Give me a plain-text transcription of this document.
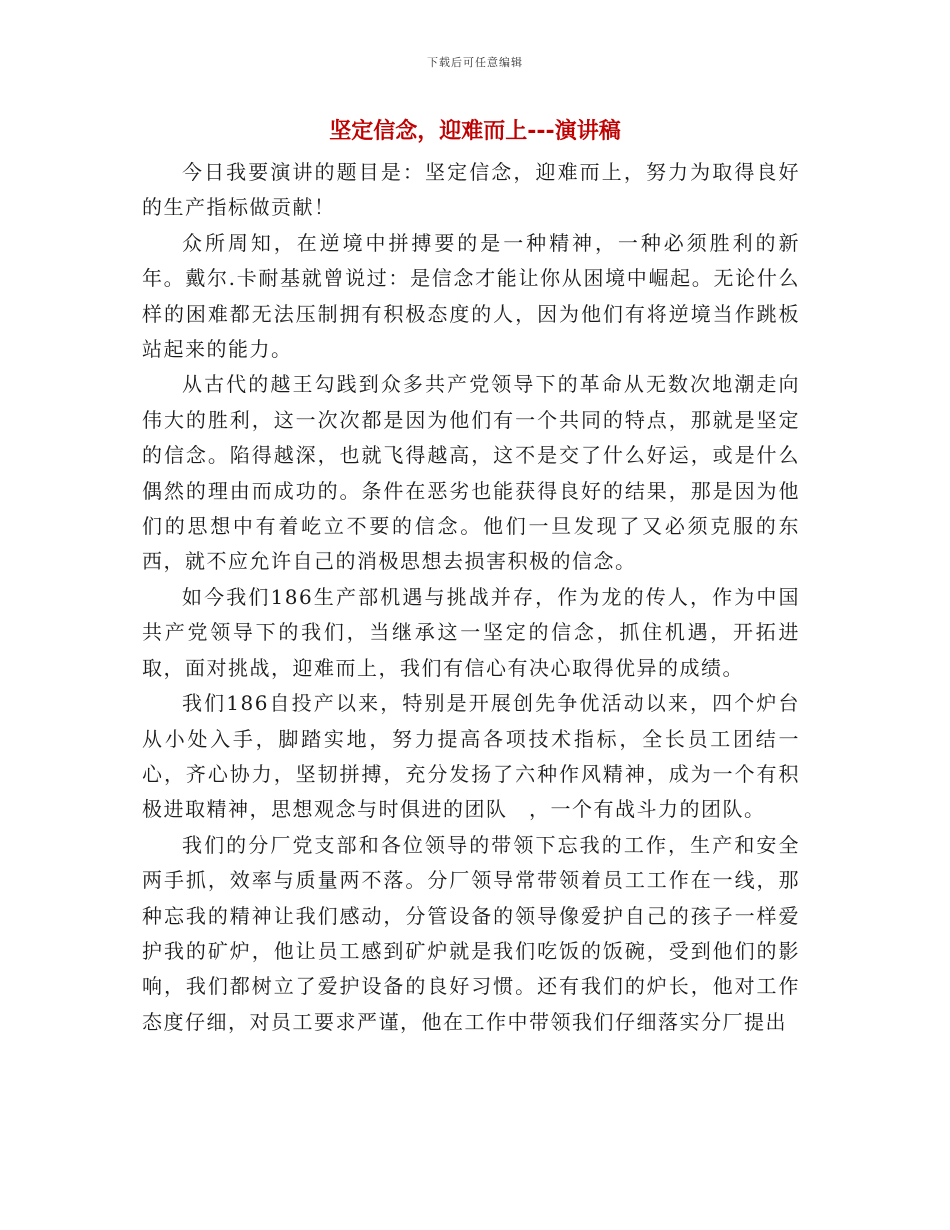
下载后可任意编辑
坚定信念，迎难而上---演讲稿

今日我要演讲的题目是：坚定信念，迎难而上，努力为取得良好的生产指标做贡献！

众所周知，在逆境中拼搏要的是一种精神，一种必须胜利的新年。戴尔.卡耐基就曾说过：是信念才能让你从困境中崛起。无论什么样的困难都无法压制拥有积极态度的人，因为他们有将逆境当作跳板站起来的能力。

从古代的越王勾践到众多共产党领导下的革命从无数次地潮走向伟大的胜利，这一次次都是因为他们有一个共同的特点，那就是坚定的信念。陷得越深，也就飞得越高，这不是交了什么好运，或是什么偶然的理由而成功的。条件在恶劣也能获得良好的结果，那是因为他们的思想中有着屹立不要的信念。他们一旦发现了又必须克服的东西，就不应允许自己的消极思想去损害积极的信念。

如今我们186生产部机遇与挑战并存，作为龙的传人，作为中国共产党领导下的我们，当继承这一坚定的信念，抓住机遇，开拓进取，面对挑战，迎难而上，我们有信心有决心取得优异的成绩。

我们186自投产以来，特别是开展创先争优活动以来，四个炉台从小处入手，脚踏实地，努力提高各项技术指标，全长员工团结一心，齐心协力，坚韧拼搏，充分发扬了六种作风精神，成为一个有积极进取精神，思想观念与时俱进的团队　，一个有战斗力的团队。

我们的分厂党支部和各位领导的带领下忘我的工作，生产和安全两手抓，效率与质量两不落。分厂领导常带领着员工工作在一线，那种忘我的精神让我们感动，分管设备的领导像爱护自己的孩子一样爱护我的矿炉，他让员工感到矿炉就是我们吃饭的饭碗，受到他们的影响，我们都树立了爱护设备的良好习惯。还有我们的炉长，他对工作态度仔细，对员工要求严谨，他在工作中带领我们仔细落实分厂提出
